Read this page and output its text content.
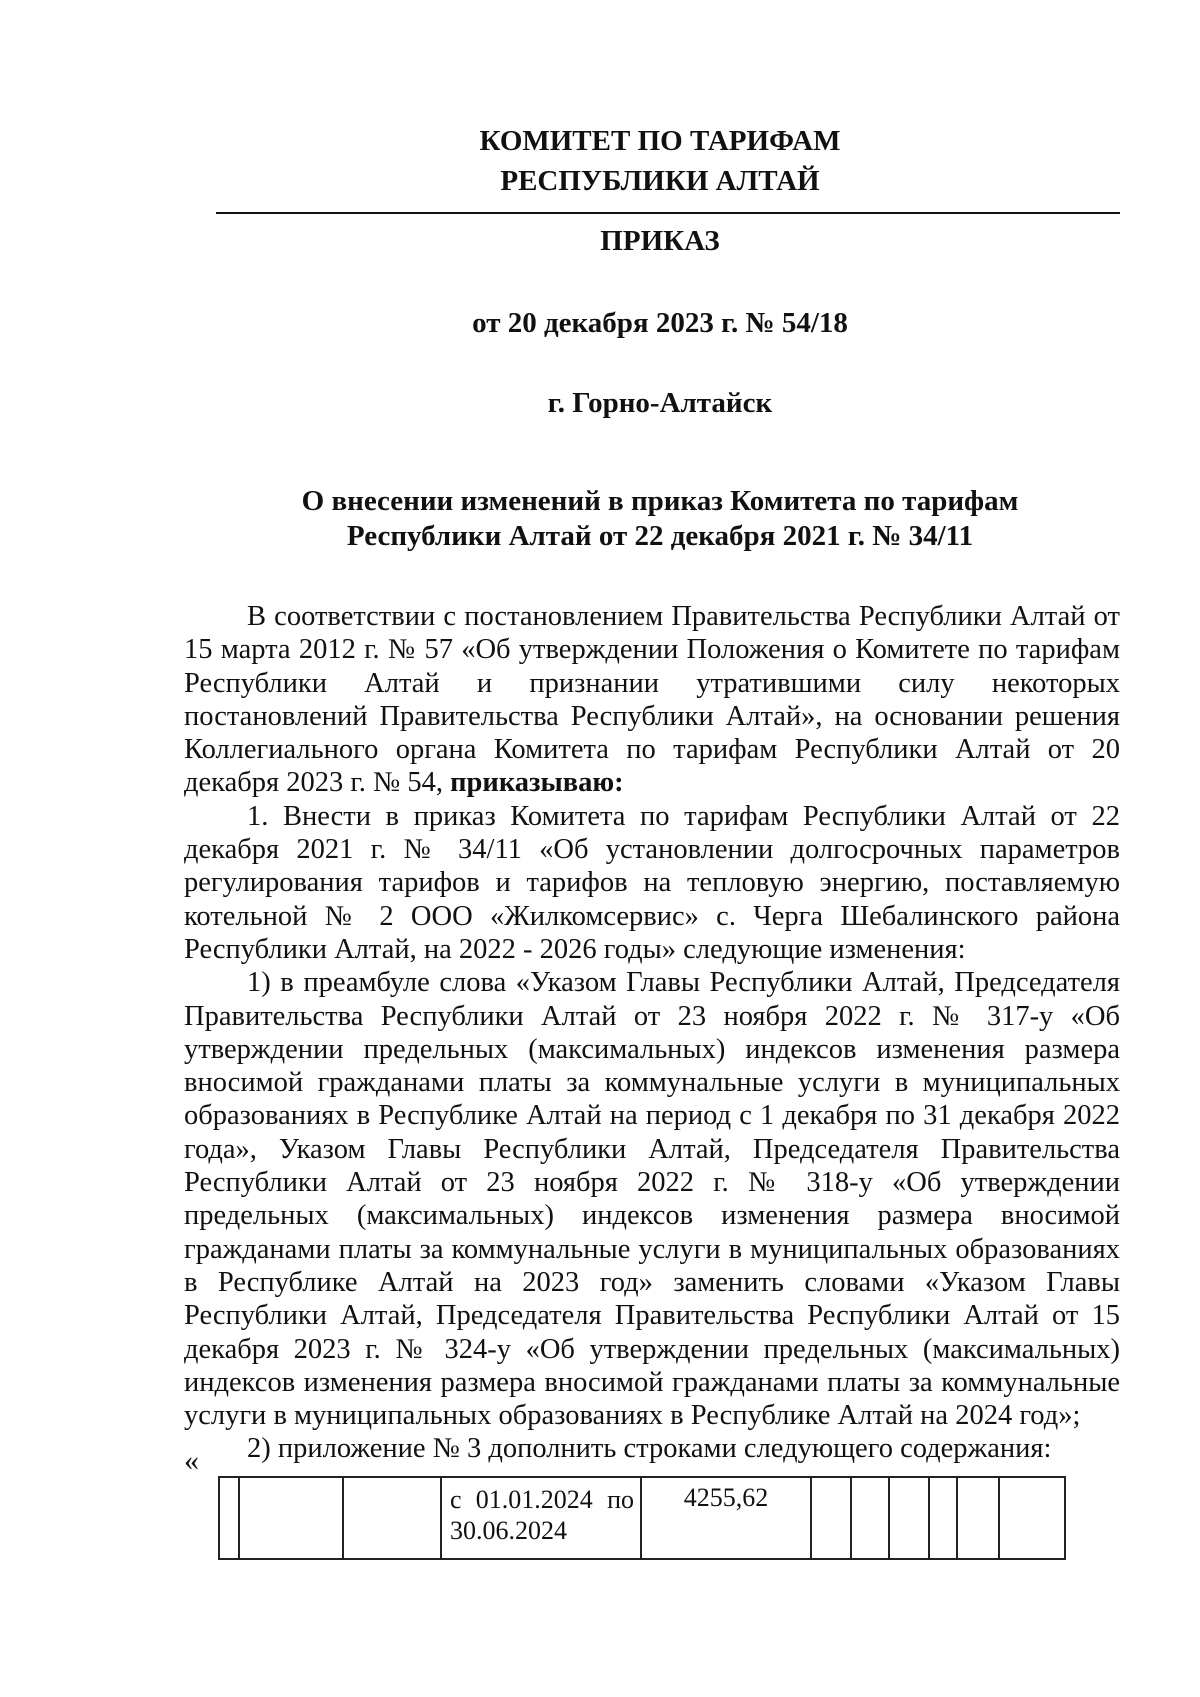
КОМИТЕТ ПО ТАРИФАМ
РЕСПУБЛИКИ АЛТАЙ
ПРИКАЗ
от 20 декабря 2023 г. № 54/18
г. Горно-Алтайск
О внесении изменений в приказ Комитета по тарифам
Республики Алтай от 22 декабря 2021 г. № 34/11

В соответствии с постановлением Правительства Республики Алтай от 15 марта 2012 г. № 57 «Об утверждении Положения о Комитете по тарифам Республики Алтай и признании утратившими силу некоторых постановлений Правительства Республики Алтай», на основании решения Коллегиального органа Комитета по тарифам Республики Алтай от 20 декабря 2023 г. № 54, приказываю:

1. Внести в приказ Комитета по тарифам Республики Алтай от 22 декабря 2021 г. № 34/11 «Об установлении долгосрочных параметров регулирования тарифов и тарифов на тепловую энергию, поставляемую котельной № 2 ООО «Жилкомсервис» с. Черга Шебалинского района Республики Алтай, на 2022 - 2026 годы» следующие изменения:

1) в преамбуле слова «Указом Главы Республики Алтай, Председателя Правительства Республики Алтай от 23 ноября 2022 г. № 317-у «Об утверждении предельных (максимальных) индексов изменения размера вносимой гражданами платы за коммунальные услуги в муниципальных образованиях в Республике Алтай на период с 1 декабря по 31 декабря 2022 года», Указом Главы Республики Алтай, Председателя Правительства Республики Алтай от 23 ноября 2022 г. № 318-у «Об утверждении предельных (максимальных) индексов изменения размера вносимой гражданами платы за коммунальные услуги в муниципальных образованиях в Республике Алтай на 2023 год» заменить словами «Указом Главы Республики Алтай, Председателя Правительства Республики Алтай от 15 декабря 2023 г. № 324-у «Об утверждении предельных (максимальных) индексов изменения размера вносимой гражданами платы за коммунальные услуги в муниципальных образованиях в Республике Алтай на 2024 год»;

2) приложение № 3 дополнить строками следующего содержания:

«
			с 01.01.2024 по 30.06.2024	4255,62						
